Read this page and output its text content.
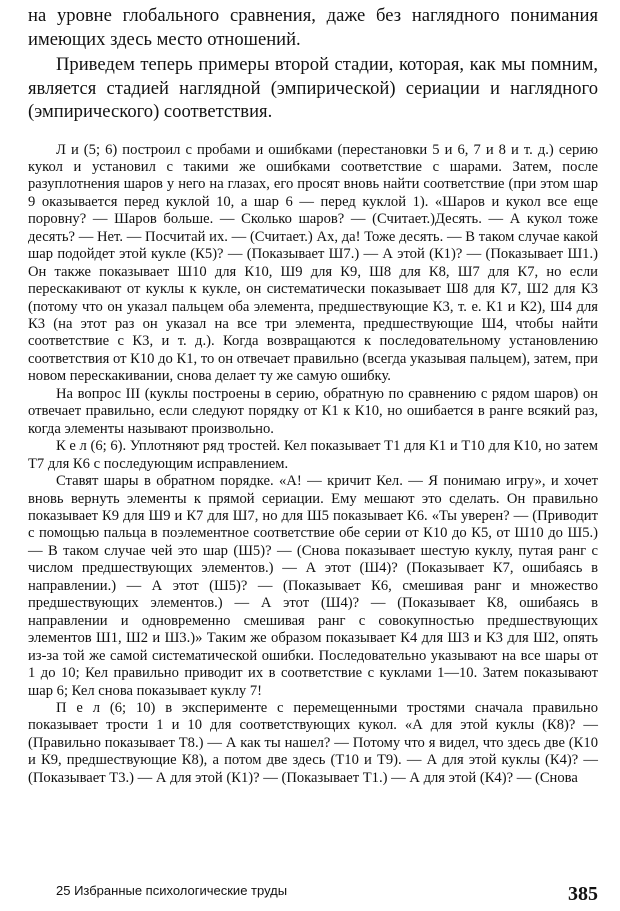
на уровне глобального сравнения, даже без наглядного понимания имеющих здесь место отношений.

Приведем теперь примеры второй стадии, которая, как мы помним, является стадией наглядной (эмпирической) сериации и наглядного (эмпирического) соответствия.

Л и (5; 6) построил с пробами и ошибками (перестановки 5 и 6, 7 и 8 и т. д.) серию кукол и установил с такими же ошибками соответствие с шарами. Затем, после разуплотнения шаров у него на глазах, его просят вновь найти соответствие (при этом шар 9 оказывается перед куклой 10, а шар 6 — перед куклой 1). «Шаров и кукол все еще поровну? — Шаров больше. — Сколько шаров? — (Считает.)Десять. — А кукол тоже десять? — Нет. — Посчитай их. — (Считает.) Ах, да! Тоже десять. — В таком случае какой шар подойдет этой кукле (К5)? — (Показывает Ш7.) — А этой (К1)? — (Показывает Ш1.) Он также показывает Ш10 для К10, Ш9 для К9, Ш8 для К8, Ш7 для К7, но если перескакивают от куклы к кукле, он систематически показывает Ш8 для К7, Ш2 для К3 (потому что он указал пальцем оба элемента, предшествующие К3, т. е. К1 и К2), Ш4 для К3 (на этот раз он указал на все три элемента, предшествующие Ш4, чтобы найти соответствие с К3, и т. д.). Когда возвращаются к последовательному установлению соответствия от К10 до К1, то он отвечает правильно (всегда указывая пальцем), затем, при новом перескакивании, снова делает ту же самую ошибку.

На вопрос III (куклы построены в серию, обратную по сравнению с рядом шаров) он отвечает правильно, если следуют порядку от К1 к К10, но ошибается в ранге всякий раз, когда элементы называют произвольно.

К е л (6; 6). Уплотняют ряд тростей. Кел показывает Т1 для К1 и Т10 для К10, но затем Т7 для К6 с последующим исправлением.

Ставят шары в обратном порядке. «А! — кричит Кел. — Я понимаю игру», и хочет вновь вернуть элементы к прямой сериации. Ему мешают это сделать. Он правильно показывает К9 для Ш9 и К7 для Ш7, но для Ш5 показывает К6. «Ты уверен? — (Приводит с помощью пальца в поэлементное соответствие обе серии от К10 до К5, от Ш10 до Ш5.) — В таком случае чей это шар (Ш5)? — (Снова показывает шестую куклу, путая ранг с числом предшествующих элементов.) — А этот (Ш4)? (Показывает К7, ошибаясь в направлении.) — А этот (Ш5)? — (Показывает К6, смешивая ранг и множество предшествующих элементов.) — А этот (Ш4)? — (Показывает К8, ошибаясь в направлении и одновременно смешивая ранг с совокупностью предшествующих элементов Ш1, Ш2 и Ш3.)» Таким же образом показывает К4 для Ш3 и К3 для Ш2, опять из-за той же самой систематической ошибки. Последовательно указывают на все шары от 1 до 10; Кел правильно приводит их в соответствие с куклами 1—10. Затем показывают шар 6; Кел снова показывает куклу 7!

П е л (6; 10) в эксперименте с перемещенными тростями сначала правильно показывает трости 1 и 10 для соответствующих кукол. «А для этой куклы (К8)? — (Правильно показывает Т8.) — А как ты нашел? — Потому что я видел, что здесь две (К10 и К9, предшествующие К8), а потом две здесь (Т10 и Т9). — А для этой куклы (К4)? — (Показывает Т3.) — А для этой (К1)? — (Показывает Т1.) — А для этой (К4)? — (Снова

25 Избранные психологические труды	385
